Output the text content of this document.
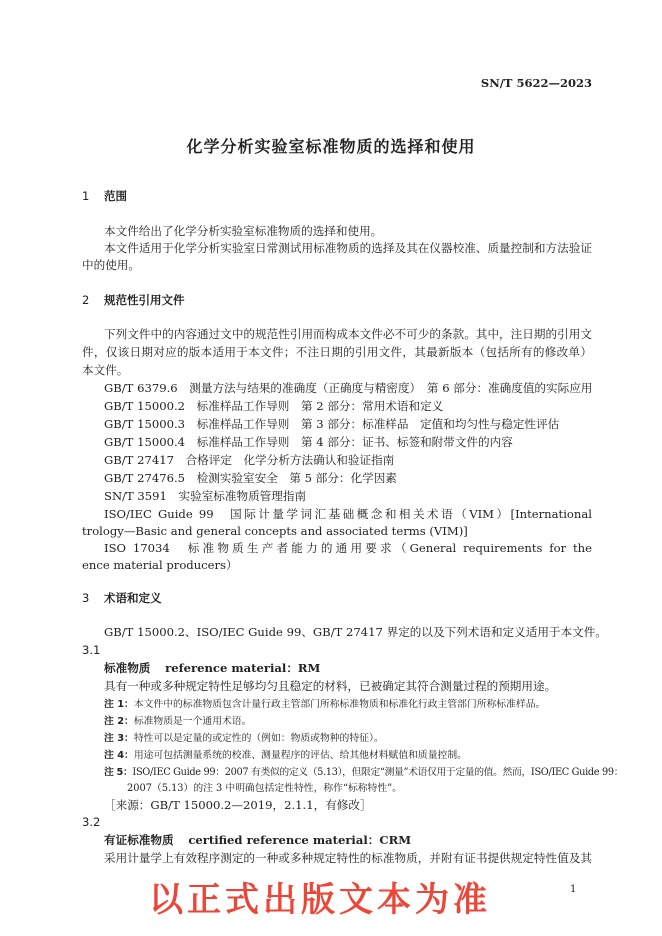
SN/T 5622—2023
化学分析实验室标准物质的选择和使用
1 范围
本文件给出了化学分析实验室标准物质的选择和使用。
本文件适用于化学分析实验室日常测试用标准物质的选择及其在仪器校准、质量控制和方法验证
中的使用。
2 规范性引用文件
下列文件中的内容通过文中的规范性引用而构成本文件必不可少的条款。其中，注日期的引用文
件，仅该日期对应的版本适用于本文件；不注日期的引用文件，其最新版本（包括所有的修改单）
本文件。
GB/T 6379.6　测量方法与结果的准确度（正确度与精密度）　第 6 部分：准确度值的实际应用
GB/T 15000.2　标准样品工作导则　第 2 部分：常用术语和定义
GB/T 15000.3　标准样品工作导则　第 3 部分：标准样品　定值和均匀性与稳定性评估
GB/T 15000.4　标准样品工作导则　第 4 部分：证书、标签和附带文件的内容
GB/T 27417　合格评定　化学分析方法确认和验证指南
GB/T 27476.5　检测实验室安全　第 5 部分：化学因素
SN/T 3591　实验室标准物质管理指南
ISO/IEC Guide 99　国际计量学词汇基础概念和相关术语（VIM）[International
trology—Basic and general concepts and associated terms (VIM)]
ISO 17034　标准物质生产者能力的通用要求（General requirements for the
ence material producers）
3 术语和定义
GB/T 15000.2、ISO/IEC Guide 99、GB/T 27417 界定的以及下列术语和定义适用于本文件。
3.1
标准物质 reference material：RM
具有一种或多种规定特性足够均匀且稳定的材料，已被确定其符合测量过程的预期用途。
注 1：本文件中的标准物质包含计量行政主管部门所称标准物质和标准化行政主管部门所称标准样品。
注 2：标准物质是一个通用术语。
注 3：特性可以是定量的或定性的（例如：物质或物种的特征）。
注 4：用途可包括测量系统的校准、测量程序的评估、给其他材料赋值和质量控制。
注 5：ISO/IEC Guide 99：2007 有类似的定义（5.13），但限定“测量”术语仅用于定量的值。然而，ISO/IEC Guide 99：
2007（5.13）的注 3 中明确包括定性特性，称作“标称特性”。
［来源：GB/T 15000.2—2019，2.1.1，有修改］
3.2
有证标准物质 certified reference material：CRM
采用计量学上有效程序测定的一种或多种规定特性的标准物质，并附有证书提供规定特性值及其
以正式出版文本为准	1
